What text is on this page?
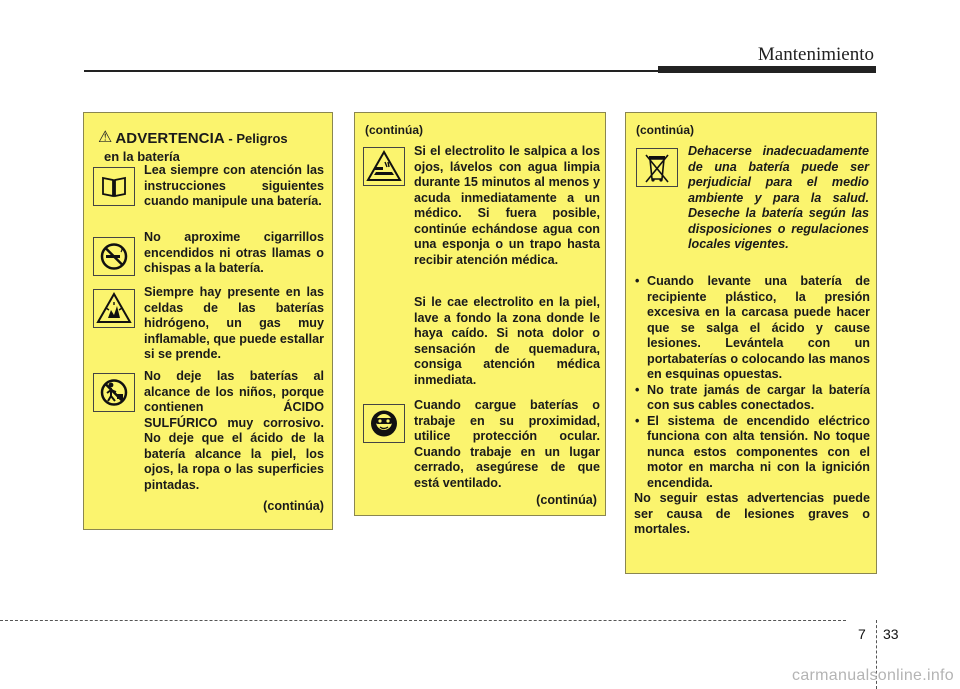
Mantenimiento
⚠ ADVERTENCIA - Peligros
en la batería
Lea siempre con atención las instrucciones siguientes cuando manipule una batería.
No aproxime cigarrillos encendidos ni otras llamas o chispas a la batería.
Siempre hay presente en las celdas de las baterías hidrógeno, un gas muy inflamable, que puede estallar si se prende.
No deje las baterías al alcance de los niños, porque contienen ÁCIDO SULFÚRICO muy corrosivo. No deje que el ácido de la batería alcance la piel, los ojos, la ropa o las superficies pintadas.
(continúa)
(continúa)
Si el electrolito le salpica a los ojos, lávelos con agua limpia durante 15 minutos al menos y acuda inmediatamente a un médico. Si fuera posible, continúe echándose agua con una esponja o un trapo hasta recibir atención médica.
Si le cae electrolito en la piel, lave a fondo la zona donde le haya caído. Si nota dolor o sensación de quemadura, consiga atención médica inmediata.
Cuando cargue baterías o trabaje en su proximidad, utilice protección ocular. Cuando trabaje en un lugar cerrado, asegúrese de que está ventilado.
(continúa)
(continúa)
Dehacerse inadecuadamente de una batería puede ser perjudicial para el medio ambiente y para la salud. Deseche la batería según las disposiciones o regulaciones locales vigentes.
• Cuando levante una batería de recipiente plástico, la presión excesiva en la carcasa puede hacer que se salga el ácido y cause lesiones. Levántela con un portabaterías o colocando las manos en esquinas opuestas.
• No trate jamás de cargar la batería con sus cables conectados.
• El sistema de encendido eléctrico funciona con alta tensión. No toque nunca estos componentes con el motor en marcha ni con la ignición encendida.
No seguir estas advertencias puede ser causa de lesiones graves o mortales.
7 33
carmanualsonline.info
